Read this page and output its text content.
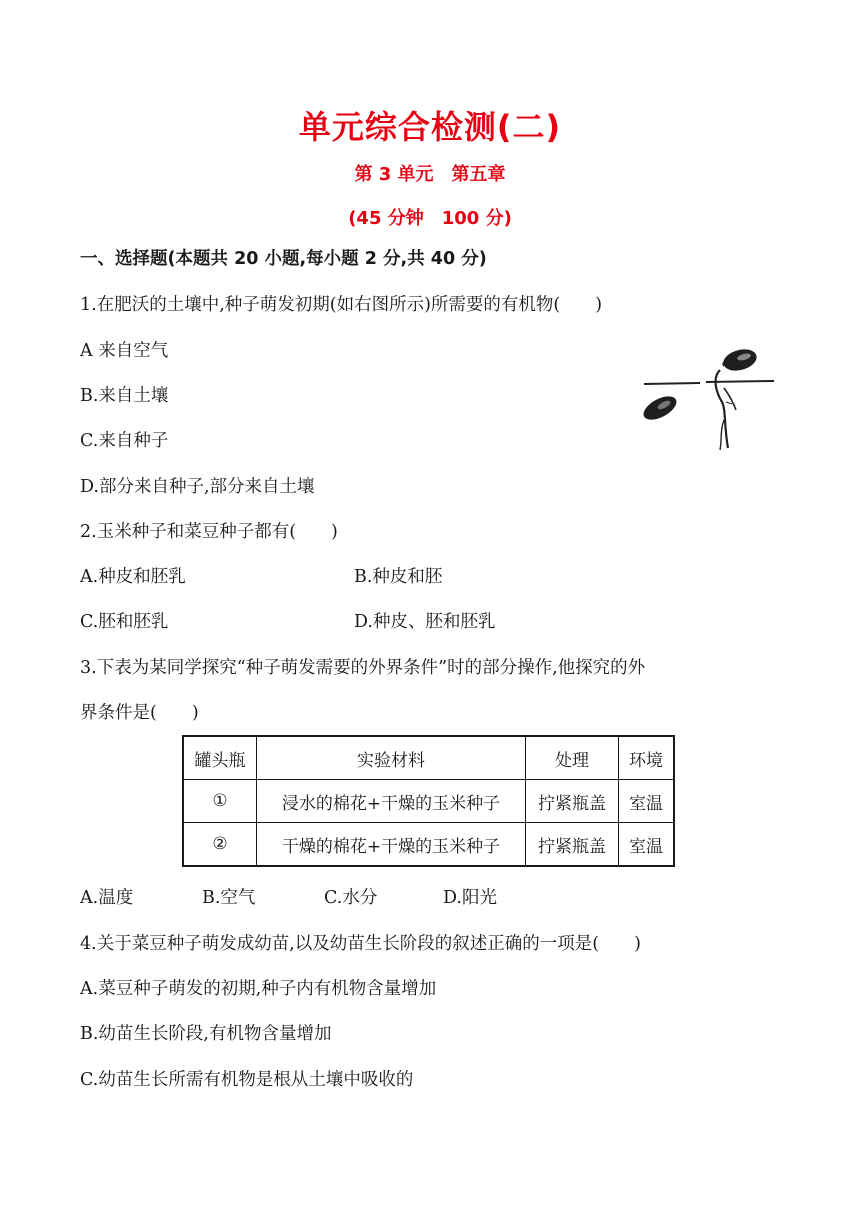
单元综合检测(二)
第 3 单元　第五章
(45 分钟　100 分)
一、选择题(本题共 20 小题,每小题 2 分,共 40 分)
1.在肥沃的土壤中,种子萌发初期(如右图所示)所需要的有机物(　　)
A 来自空气
B.来自土壤
C.来自种子
D.部分来自种子,部分来自土壤
2.玉米种子和菜豆种子都有(　　)
A.种皮和胚乳	B.种皮和胚
C.胚和胚乳	D.种皮、胚和胚乳
3.下表为某同学探究“种子萌发需要的外界条件”时的部分操作,他探究的外
界条件是(　　)
罐头瓶	实验材料	处理	环境
①	浸水的棉花+干燥的玉米种子	拧紧瓶盖	室温
②	干燥的棉花+干燥的玉米种子	拧紧瓶盖	室温
A.温度	B.空气	C.水分	D.阳光
4.关于菜豆种子萌发成幼苗,以及幼苗生长阶段的叙述正确的一项是(　　)
A.菜豆种子萌发的初期,种子内有机物含量增加
B.幼苗生长阶段,有机物含量增加
C.幼苗生长所需有机物是根从土壤中吸收的
